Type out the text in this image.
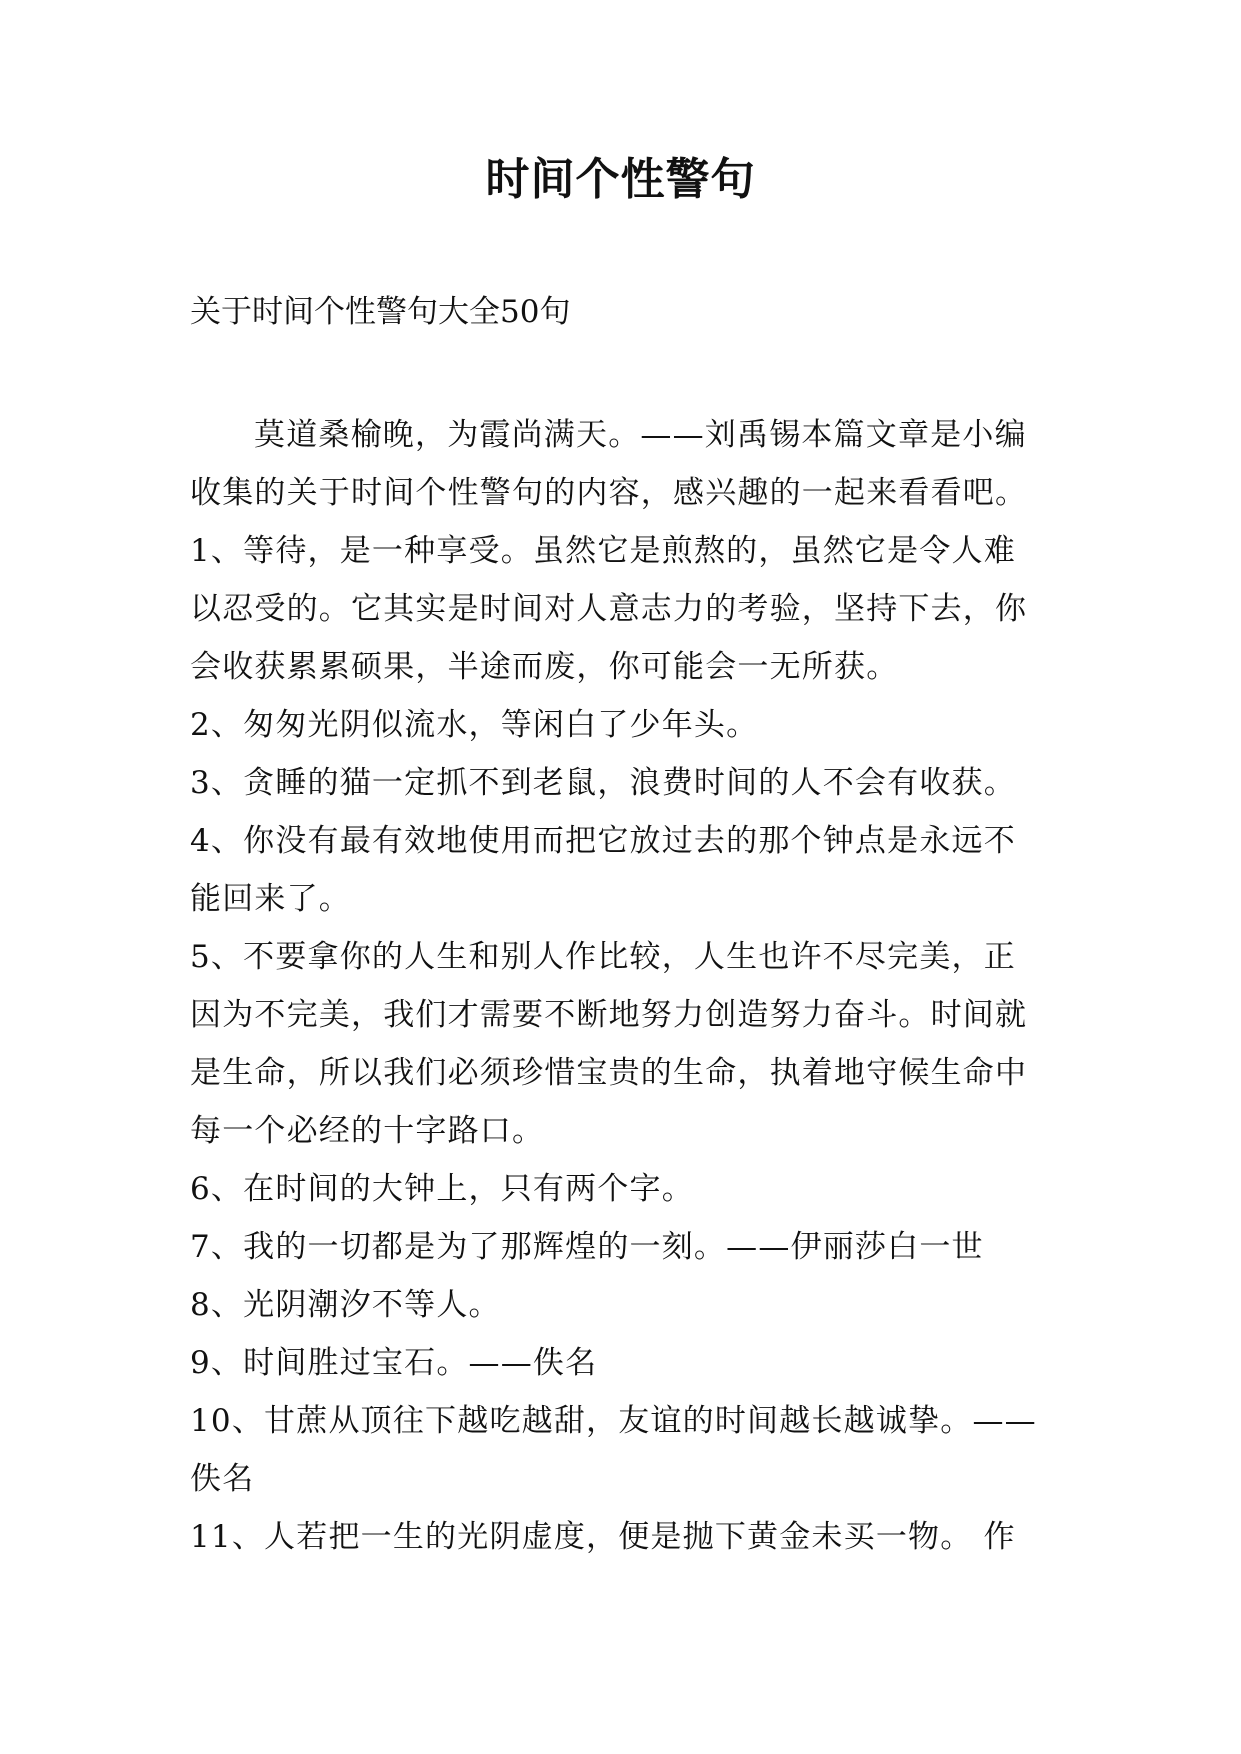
时间个性警句
关于时间个性警句大全50句
莫道桑榆晚，为霞尚满天。——刘禹锡本篇文章是小编
收集的关于时间个性警句的内容，感兴趣的一起来看看吧。
1、等待，是一种享受。虽然它是煎熬的，虽然它是令人难
以忍受的。它其实是时间对人意志力的考验，坚持下去，你
会收获累累硕果，半途而废，你可能会一无所获。
2、匆匆光阴似流水，等闲白了少年头。
3、贪睡的猫一定抓不到老鼠，浪费时间的人不会有收获。
4、你没有最有效地使用而把它放过去的那个钟点是永远不
能回来了。
5、不要拿你的人生和别人作比较，人生也许不尽完美，正
因为不完美，我们才需要不断地努力创造努力奋斗。时间就
是生命，所以我们必须珍惜宝贵的生命，执着地守候生命中
每一个必经的十字路口。
6、在时间的大钟上，只有两个字。
7、我的一切都是为了那辉煌的一刻。——伊丽莎白一世
8、光阴潮汐不等人。
9、时间胜过宝石。——佚名
10、甘蔗从顶往下越吃越甜，友谊的时间越长越诚挚。——
佚名
11、人若把一生的光阴虚度，便是抛下黄金未买一物。 作
